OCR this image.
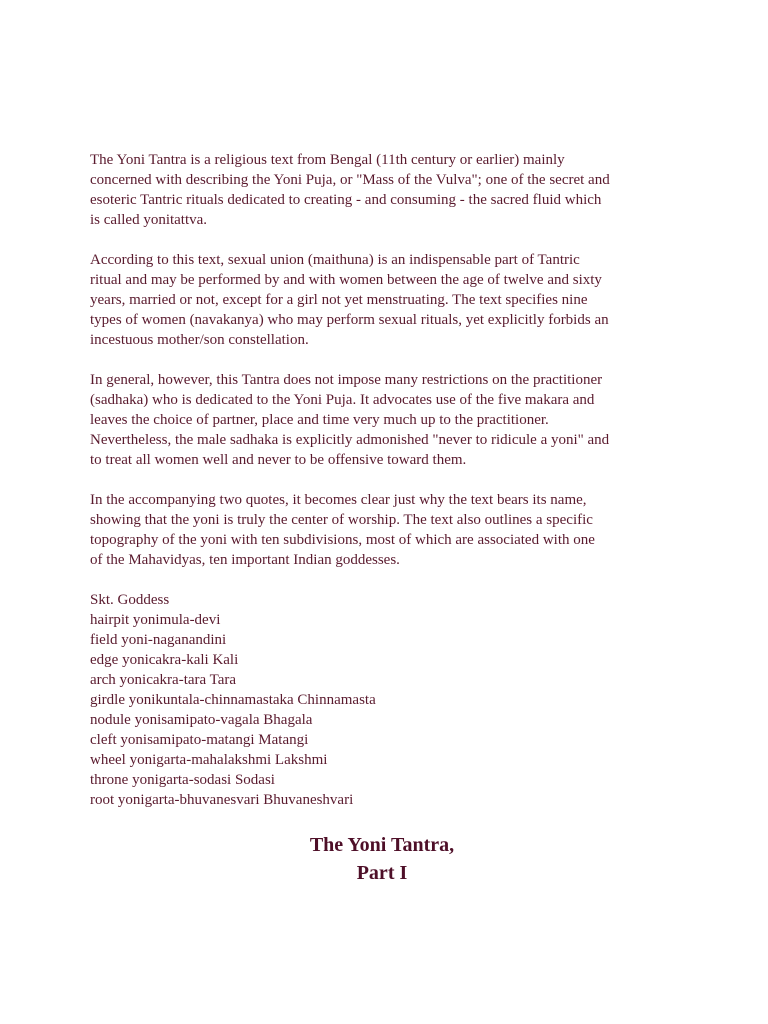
The Yoni Tantra is a religious text from Bengal (11th century or earlier) mainly
concerned with describing the Yoni Puja, or "Mass of the Vulva"; one of the secret and
esoteric Tantric rituals dedicated to creating - and consuming - the sacred fluid which
is called yonitattva.

According to this text, sexual union (maithuna) is an indispensable part of Tantric
ritual and may be performed by and with women between the age of twelve and sixty
years, married or not, except for a girl not yet menstruating. The text specifies nine
types of women (navakanya) who may perform sexual rituals, yet explicitly forbids an
incestuous mother/son constellation.

In general, however, this Tantra does not impose many restrictions on the practitioner
(sadhaka) who is dedicated to the Yoni Puja. It advocates use of the five makara and
leaves the choice of partner, place and time very much up to the practitioner.
Nevertheless, the male sadhaka is explicitly admonished "never to ridicule a yoni" and
to treat all women well and never to be offensive toward them.

In the accompanying two quotes, it becomes clear just why the text bears its name,
showing that the yoni is truly the center of worship. The text also outlines a specific
topography of the yoni with ten subdivisions, most of which are associated with one
of the Mahavidyas, ten important Indian goddesses.

Skt. Goddess
hairpit yonimula-devi
field yoni-naganandini
edge yonicakra-kali Kali
arch yonicakra-tara Tara
girdle yonikuntala-chinnamastaka Chinnamasta
nodule yonisamipato-vagala Bhagala
cleft yonisamipato-matangi Matangi
wheel yonigarta-mahalakshmi Lakshmi
throne yonigarta-sodasi Sodasi
root yonigarta-bhuvanesvari Bhuvaneshvari
The Yoni Tantra,
Part I
